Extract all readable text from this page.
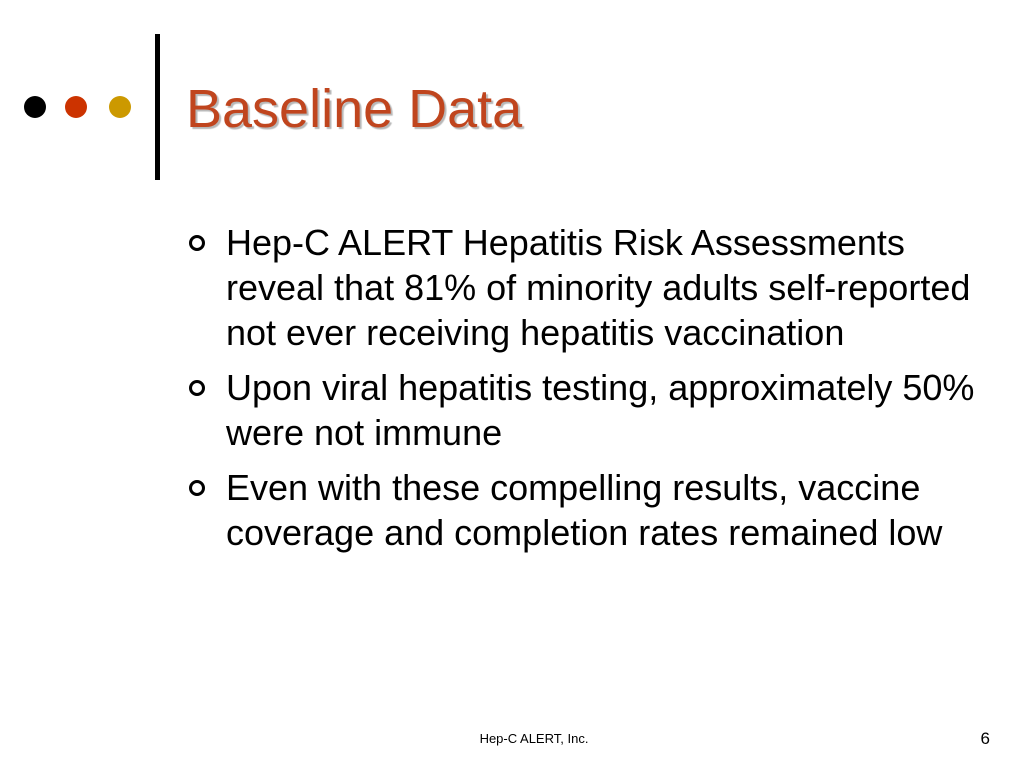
Baseline Data
Hep-C ALERT Hepatitis Risk Assessments reveal that 81% of minority adults self-reported not ever receiving hepatitis vaccination
Upon viral hepatitis testing, approximately 50% were not immune
Even with these compelling results, vaccine coverage and completion rates remained low
Hep-C ALERT, Inc.	6
